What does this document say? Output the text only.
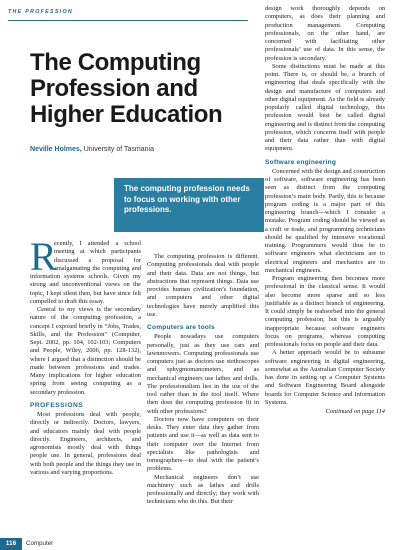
THE PROFESSION
The Computing Profession and Higher Education
Neville Holmes, University of Tasmania
The computing profession needs to focus on working with other professions.

R
ecently, I attended a school meeting at which participants discussed a proposal for amalgamating the computing and information systems schools. Given my strong and unconventional views on the topic, I kept silent then, but have since felt compelled to draft this essay.

Central to my views is the secondary nature of the computing profession, a concept I exposed briefly in “Jobs, Trades, Skills, and the Profession” (Computer, Sept. 2002, pp. 104, 102-103; Computers and People, Wiley, 2006, pp. 128-132), where I argued that a distinction should be made between professions and trades. Many implications for higher education spring from seeing computing as a secondary profession.

PROFESSIONS

Most professions deal with people, directly or indirectly. Doctors, lawyers, and educators mainly deal with people directly. Engineers, architects, and agronomists mostly deal with things people use. In general, professions deal with both people and the things they use in various and varying proportions.

The computing profession is different. Computing professionals deal with people and their data. Data are not things, but abstractions that represent things. Data use provides human civilization’s foundation, and computers and other digital technologies have merely amplified this use.

Computers are tools

People nowadays use computers personally, just as they use cars and lawnmowers. Computing professionals use computers just as doctors use stethoscopes and sphygmomanometers, and as mechanical engineers use lathes and drills. The professionalism lies in the use of the tool rather than in the tool itself. Where then does the computing profession fit in with other professions?

Doctors now have computers on their desks. They enter data they gather from patients and use it—as well as data sent to their computer over the Internet from specialists like pathologists and tomographers—to deal with the patient’s problems.

Mechanical engineers don’t use machinery such as lathes and drills professionally and directly; they work with technicians who do this. But their

design work thoroughly depends on computers, as does their planning and production management. Computing professionals, on the other hand, are concerned with facilitating other professionals’ use of data. In this sense, the profession is secondary.

Some distinctions must be made at this point. There is, or should be, a branch of engineering that deals specifically with the design and manufacture of computers and other digital equipment. As the field is already popularly called digital technology, this profession would best be called digital engineering and is distinct from the computing profession, which concerns itself with people and their data rather than with digital equipment.

Software engineering

Concerned with the design and construction of software, software engineering has been seen as distinct from the computing profession’s main body. Partly, this is because program coding is a major part of this engineering branch—which I consider a mistake. Program coding should be viewed as a craft or trade, and programming technicians should be qualified by intensive vocational training. Programmers would thus be to software engineers what electricians are to electrical engineers and mechanics are to mechanical engineers.

Program engineering then becomes more professional in the classical sense. It would also become more sparse and so less justifiable as a distinct branch of engineering. It could simply be reabsorbed into the general computing profession, but this is arguably inappropriate because software engineers focus on programs, whereas computing professionals focus on people and their data.

A better approach would be to subsume software engineering in digital engineering, somewhat as the Australian Computer Society has done in setting up a Computer Systems and Software Engineering Board alongside boards for Computer Science and Information Systems.

Continued on page 114
116	Computer
